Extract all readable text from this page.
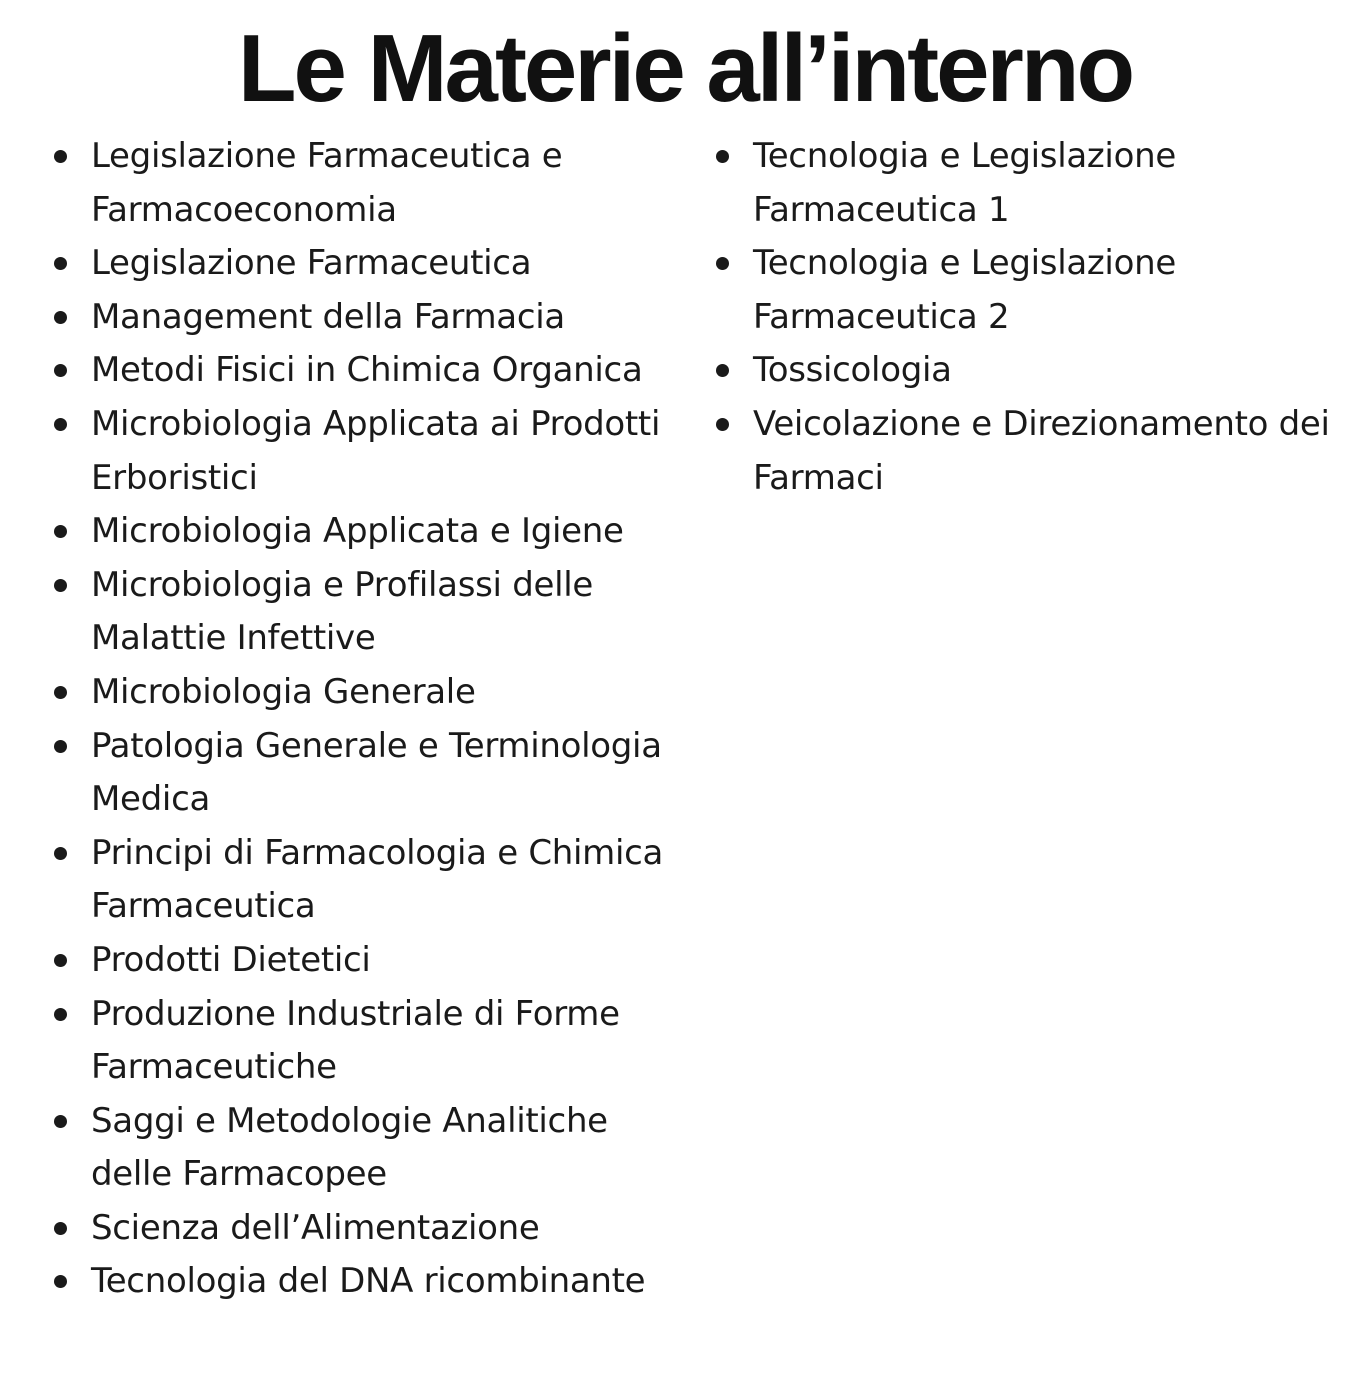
Le Materie all’interno
Legislazione Farmaceutica e Farmacoeconomia
Legislazione Farmaceutica
Management della Farmacia
Metodi Fisici in Chimica Organica
Microbiologia Applicata ai Prodotti Erboristici
Microbiologia Applicata e Igiene
Microbiologia e Profilassi delle Malattie Infettive
Microbiologia Generale
Patologia Generale e Terminologia Medica
Principi di Farmacologia e Chimica Farmaceutica
Prodotti Dietetici
Produzione Industriale di Forme Farmaceutiche
Saggi e Metodologie Analitiche delle Farmacopee
Scienza dell’Alimentazione
Tecnologia del DNA ricombinante
Tecnologia e Legislazione Farmaceutica 1
Tecnologia e Legislazione Farmaceutica 2
Tossicologia
Veicolazione e Direzionamento dei Farmaci
